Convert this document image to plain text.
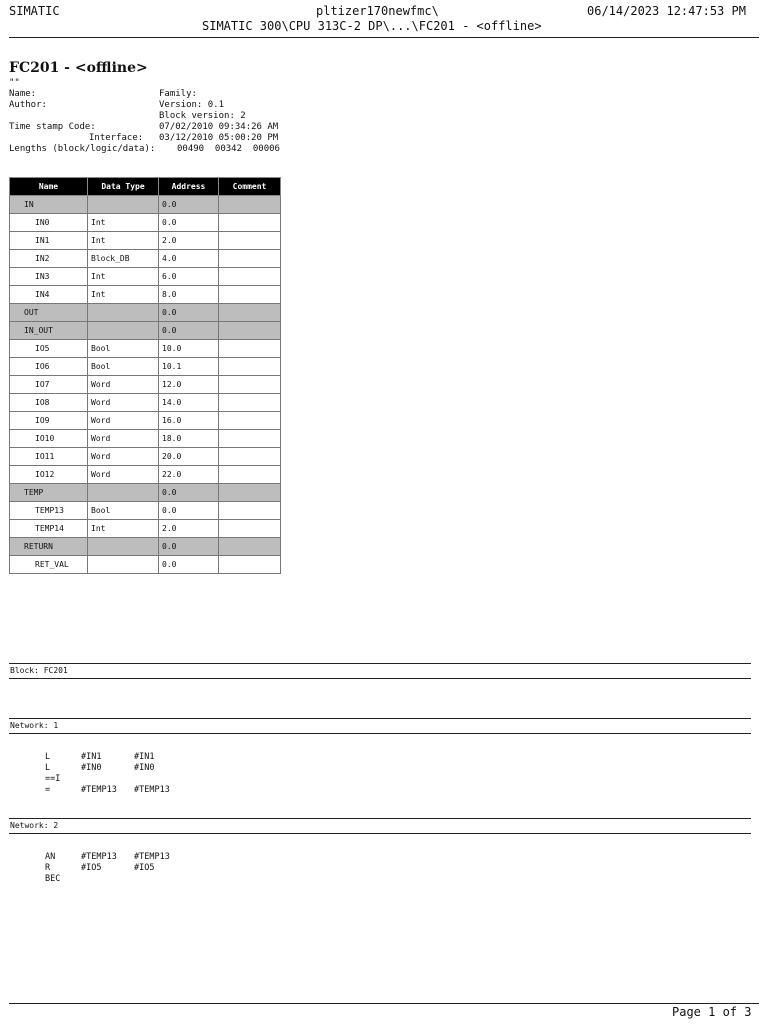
SIMATIC	pltizer170newfmc\
SIMATIC 300\CPU 313C-2 DP\...\FC201 - <offline>
06/14/2023 12:47:53 PM
FC201 - <offline>
""
Name:	Family:
Author:	Version: 0.1
Block version: 2
Time stamp Code:	07/02/2010 09:34:26 AM
Interface: 03/12/2010 05:00:20 PM
Lengths (block/logic/data): 00490  00342  00006
Name	Data Type	Address	Comment
IN		0.0	
IN0	Int	0.0	
IN1	Int	2.0	
IN2	Block_DB	4.0	
IN3	Int	6.0	
IN4	Int	8.0	
OUT		0.0	
IN_OUT		0.0	
IO5	Bool	10.0	
IO6	Bool	10.1	
IO7	Word	12.0	
IO8	Word	14.0	
IO9	Word	16.0	
IO10	Word	18.0	
IO11	Word	20.0	
IO12	Word	22.0	
TEMP		0.0	
TEMP13	Bool	0.0	
TEMP14	Int	2.0	
RETURN		0.0	
RET_VAL		0.0	
Block: FC201
Network: 1
L	#IN1	#IN1
L	#IN0	#IN0
==I
=	#TEMP13 #TEMP13
Network: 2
AN	#TEMP13 #TEMP13
R	#IO5	#IO5
BEC
Page 1 of 3
